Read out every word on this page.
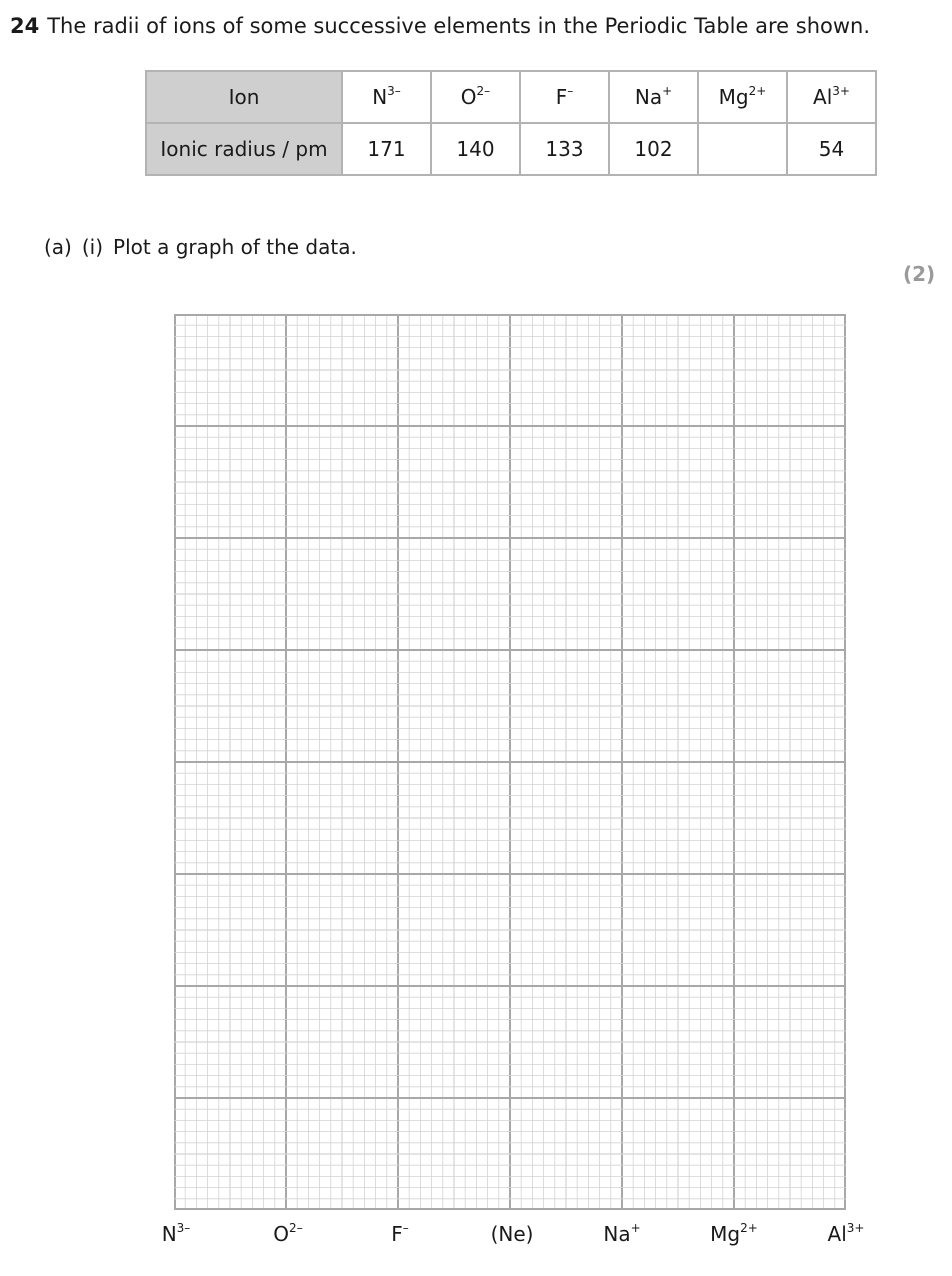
24 The radii of ions of some successive elements in the Periodic Table are shown.
Ion	$N^{3-}$	$O^{2-}$	F–	Na+	$Mg^{2+}$	$Al^{3+}$
Ionic radius / pm	171	140	133	102		54
(a) (i) Plot a graph of the data.
(2)
$N^{3-}$	$O^{2-}$	F–	(Ne)	Na+	$Mg^{2+}$	$Al^{3+}$
